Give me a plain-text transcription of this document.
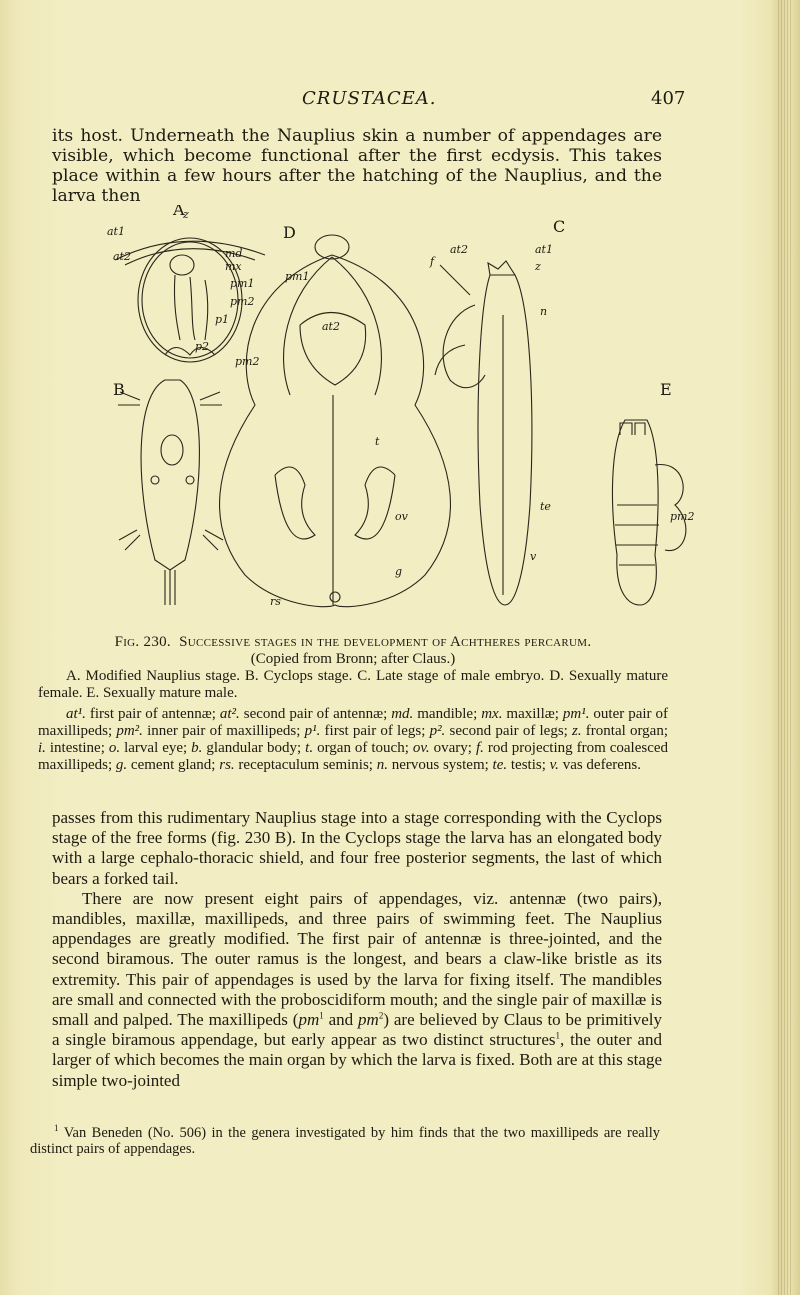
CRUSTACEA.	407

its host. Underneath the Nauplius skin a number of appendages are visible, which become functional after the first ecdysis. This takes place within a few hours after the hatching of the Nauplius, and the larva then

A
B
C
D
E
z
at1
at2	md
mx
pm1
pm2
p1
p2
pm1
at2
pm2
t
ov
g
rs
at2	at1
z
f
n
te
v
pm2
Fig. 230. Successive stages in the development of Achtheres percarum.
(Copied from Bronn; after Claus.)
A. Modified Nauplius stage. B. Cyclops stage. C. Late stage of male embryo. D. Sexually mature female. E. Sexually mature male.
at¹. first pair of antennæ; at². second pair of antennæ; md. mandible; mx. maxillæ; pm¹. outer pair of maxillipeds; pm². inner pair of maxillipeds; p¹. first pair of legs; p². second pair of legs; z. frontal organ; i. intestine; o. larval eye; b. glandular body; t. organ of touch; ov. ovary; f. rod projecting from coalesced maxillipeds; g. cement gland; rs. receptaculum seminis; n. nervous system; te. testis; v. vas deferens.

passes from this rudimentary Nauplius stage into a stage corresponding with the Cyclops stage of the free forms (fig. 230 B). In the Cyclops stage the larva has an elongated body with a large cephalo-thoracic shield, and four free posterior segments, the last of which bears a forked tail.

There are now present eight pairs of appendages, viz. antennæ (two pairs), mandibles, maxillæ, maxillipeds, and three pairs of swimming feet. The Nauplius appendages are greatly modified. The first pair of antennæ is three-jointed, and the second biramous. The outer ramus is the longest, and bears a claw-like bristle as its extremity. This pair of appendages is used by the larva for fixing itself. The mandibles are small and connected with the proboscidiform mouth; and the single pair of maxillæ is small and palped. The maxillipeds ($pm^1$ and $pm^2$) are believed by Claus to be primitively a single biramous appendage, but early appear as two distinct structures$^1$, the outer and larger of which becomes the main organ by which the larva is fixed. Both are at this stage simple two-jointed

$^1$ Van Beneden (No. 506) in the genera investigated by him finds that the two maxillipeds are really distinct pairs of appendages.
